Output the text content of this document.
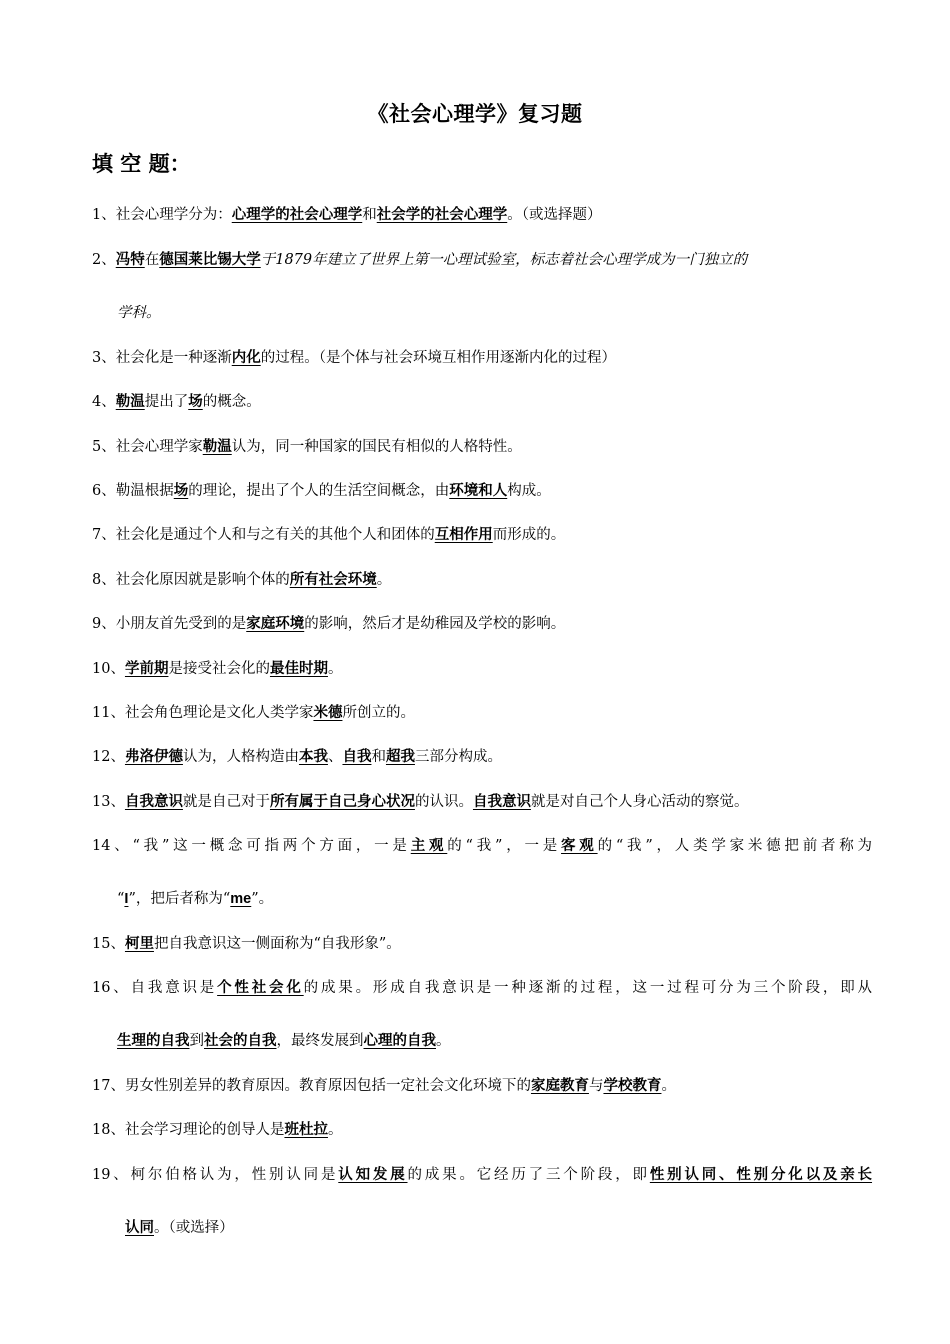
《社会心理学》复习题
填 空 题：
1、社会心理学分为：心理学的社会心理学和社会学的社会心理学。（或选择题）
2、冯特在德国莱比锡大学于1879年建立了世界上第一心理试验室，标志着社会心理学成为一门独立的
学科。
3、社会化是一种逐渐内化的过程。（是个体与社会环境互相作用逐渐内化的过程）
4、勒温提出了场的概念。
5、社会心理学家勒温认为，同一种国家的国民有相似的人格特性。
6、勒温根据场的理论，提出了个人的生活空间概念，由环境和人构成。
7、社会化是通过个人和与之有关的其他个人和团体的互相作用而形成的。
8、社会化原因就是影响个体的所有社会环境。
9、小朋友首先受到的是家庭环境的影响，然后才是幼稚园及学校的影响。
10、学前期是接受社会化的最佳时期。
11、社会角色理论是文化人类学家米德所创立的。
12、弗洛伊德认为，人格构造由本我、自我和超我三部分构成。
13、自我意识就是自己对于所有属于自己身心状况的认识。自我意识就是对自己个人身心活动的察觉。
14、“我”这一概念可指两个方面，一是主观的“我”，一是客观的“我”，人类学家米德把前者称为
“I”，把后者称为“me”。
15、柯里把自我意识这一侧面称为“自我形象”。
16、自我意识是个性社会化的成果。形成自我意识是一种逐渐的过程，这一过程可分为三个阶段，即从
生理的自我到社会的自我，最终发展到心理的自我。
17、男女性别差异的教育原因。教育原因包括一定社会文化环境下的家庭教育与学校教育。
18、社会学习理论的创导人是班杜拉。
19、柯尔伯格认为，性别认同是认知发展的成果。它经历了三个阶段，即性别认同、性别分化以及亲长
认同。（或选择）
